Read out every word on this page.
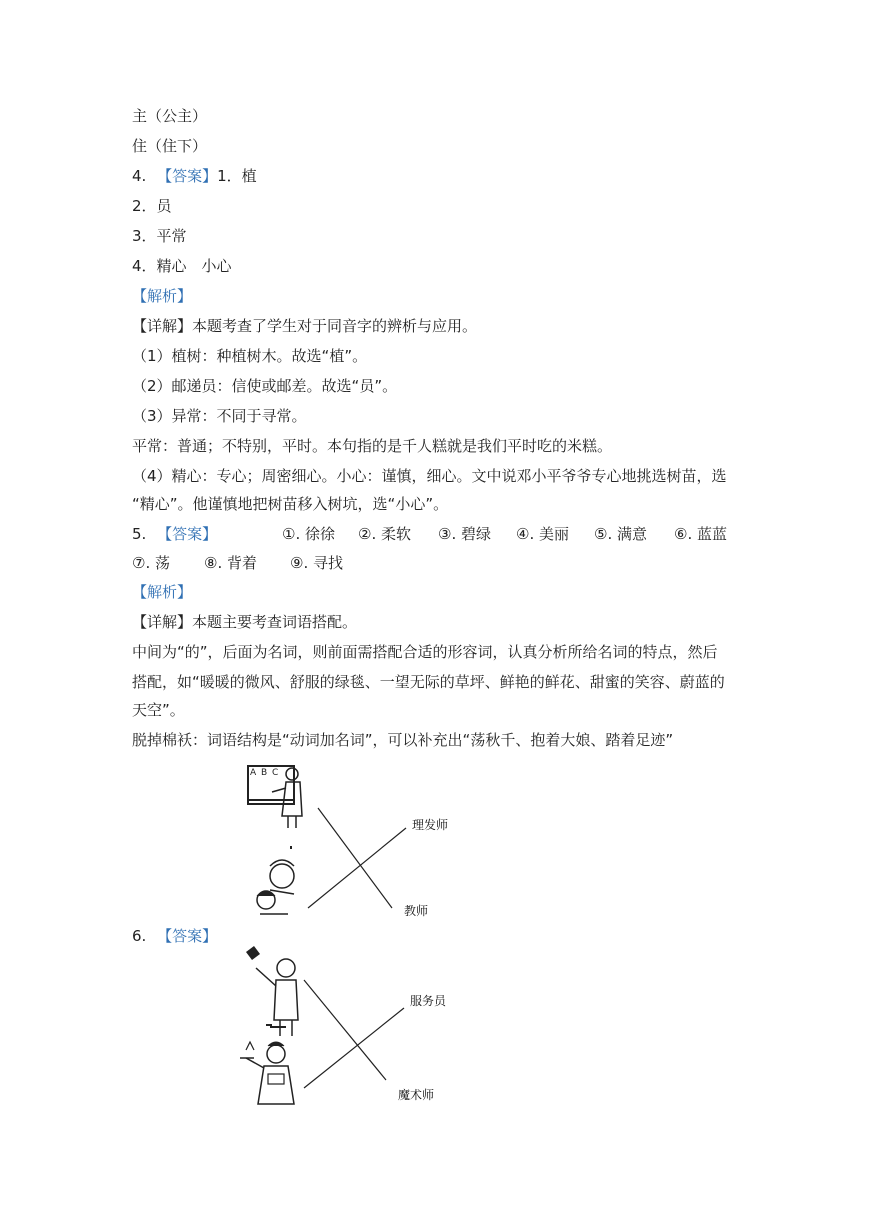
主（公主）
住（住下）
4. 【答案】1．植
2．员
3．平常
4．精心　小心
【解析】
【详解】本题考查了学生对于同音字的辨析与应用。
（1）植树：种植树木。故选“植”。
（2）邮递员：信使或邮差。故选“员”。
（3）异常：不同于寻常。
平常：普通；不特别，平时。本句指的是千人糕就是我们平时吃的米糕。
（4）精心：专心；周密细心。小心：谨慎，细心。文中说邓小平爷爷专心地挑选树苗，选
“精心”。他谨慎地把树苗移入树坑，选“小心”。
5. 【答案】	①. 徐徐 ②. 柔软 ③. 碧绿 ④. 美丽 ⑤. 满意 ⑥. 蓝蓝
⑦. 荡 ⑧. 背着 ⑨. 寻找
【解析】
【详解】本题主要考查词语搭配。
中间为“的”，后面为名词，则前面需搭配合适的形容词，认真分析所给名词的特点，然后
搭配，如“暖暖的微风、舒服的绿毯、一望无际的草坪、鲜艳的鲜花、甜蜜的笑容、蔚蓝的
天空”。
脱掉棉袄：词语结构是“动词加名词”，可以补充出“荡秋千、抱着大娘、踏着足迹”
6. 【答案】
A B C
理发师
教师
服务员
魔术师
